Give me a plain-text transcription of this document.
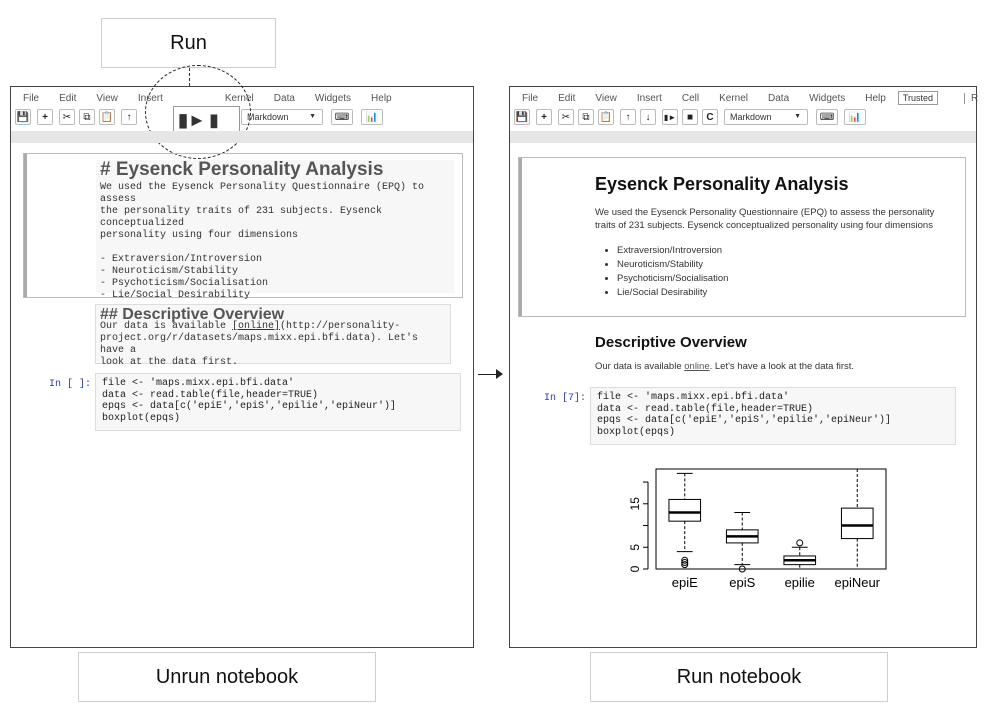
Run
File Edit View Insert	Kernel Data Widgets Help
💾	+	✂	⧉	📋	↑	Markdown	▼	⌨	📊
▮► ▮
# Eysenck Personality Analysis
We used the Eysenck Personality Questionnaire (EPQ) to assess
the personality traits of 231 subjects. Eysenck conceptualized
personality using four dimensions
- Extraversion/Introversion
- Neuroticism/Stability
- Psychoticism/Socialisation
- Lie/Social Desirability
## Descriptive Overview
Our data is available [online](http://personality-
project.org/r/datasets/maps.mixx.epi.bfi.data). Let's have a
look at the data first.
In [ ]: file <- 'maps.mixx.epi.bfi.data'
data <- read.table(file,header=TRUE)
epqs <- data[c('epiE','epiS','epilie','epiNeur')]
boxplot(epqs)
File Edit View Insert Cell Kernel Data Widgets Help	Trusted	R
💾	+	✂	⧉	📋	↑	↓	▮►	■	C	Markdown	▼	⌨	📊
Eysenck Personality Analysis
We used the Eysenck Personality Questionnaire (EPQ) to assess the personality
traits of 231 subjects. Eysenck conceptualized personality using four dimensions
• Extraversion/Introversion
• Neuroticism/Stability
• Psychoticism/Socialisation
• Lie/Social Desirability
Descriptive Overview
Our data is available online. Let's have a look at the data first.
In [7]: file <- 'maps.mixx.epi.bfi.data'
data <- read.table(file,header=TRUE)
epqs <- data[c('epiE','epiS','epilie','epiNeur')]
boxplot(epqs)
0
5
15
epiE epiS epilie epiNeur
Unrun notebook	Run notebook
